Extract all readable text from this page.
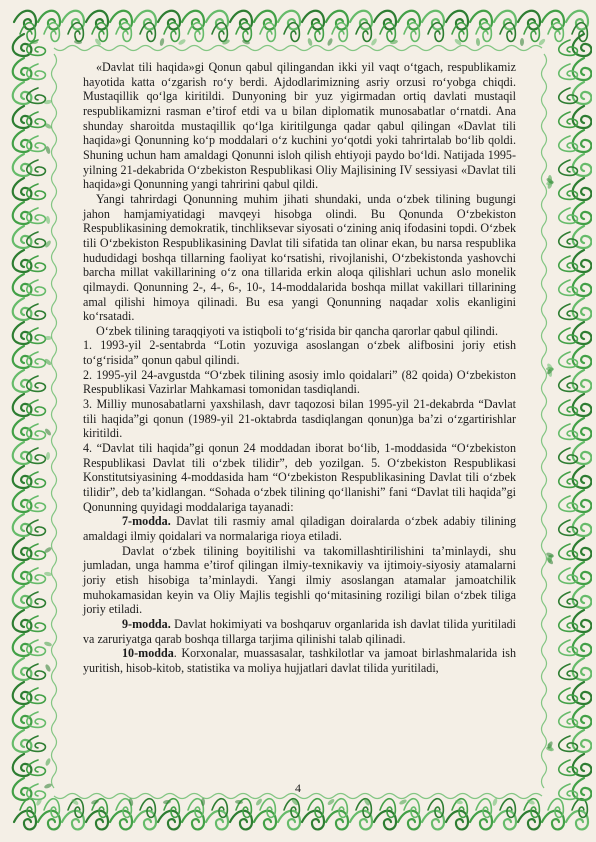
«Davlat tili haqida»gi Qonun qabul qilingandan ikki yil vaqt o‘tgach, respublikamiz hayotida katta o‘zgarish ro‘y berdi. Ajdodlarimizning asriy orzusi ro‘yobga chiqdi. Mustaqillik qo‘lga kiritildi. Dunyoning bir yuz yigirmadan ortiq davlati mustaqil respublikamizni rasman e’tirof etdi va u bilan diplomatik munosabatlar o‘rnatdi. Ana shunday sharoitda mustaqillik qo‘lga kiritilgunga qadar qabul qilingan «Davlat tili haqida»gi Qonunning ko‘p moddalari o‘z kuchini yo‘qotdi yoki tahrirtalab bo‘lib qoldi. Shuning uchun ham amaldagi Qonunni isloh qilish ehtiyoji paydo bo‘ldi. Natijada 1995-yilning 21-dekabrida O‘zbekiston Respublikasi Oliy Majlisining IV sessiyasi «Davlat tili haqida»gi Qonunning yangi tahririni qabul qildi.

Yangi tahrirdagi Qonunning muhim jihati shundaki, unda o‘zbek tilining bugungi jahon hamjamiyatidagi mavqeyi hisobga olindi. Bu Qonunda O‘zbekiston Respublikasining demokratik, tinchliksevar siyosati o‘zining aniq ifodasini topdi. O‘zbek tili O‘zbekiston Respublikasining Davlat tili sifatida tan olinar ekan, bu narsa respublika hududidagi boshqa tillarning faoliyat ko‘rsatishi, rivojlanishi, O‘zbekistonda yashovchi barcha millat vakillarining o‘z ona tillarida erkin aloqa qilishlari uchun aslo monelik qilmaydi. Qonunning 2-, 4-, 6-, 10-, 14-moddalarida boshqa millat vakillari tillarining amal qilishi himoya qilinadi. Bu esa yangi Qonunning naqadar xolis ekanligini ko‘rsatadi.

O‘zbek tilining taraqqiyoti va istiqboli to‘g‘risida bir qancha qarorlar qabul qilindi.

1. 1993-yil 2-sentabrda “Lotin yozuviga asoslangan o‘zbek alifbosini joriy etish to‘g‘risida” qonun qabul qilindi.

2. 1995-yil 24-avgustda “O‘zbek tilining asosiy imlo qoidalari” (82 qoida) O‘zbekiston Respublikasi Vazirlar Mahkamasi tomonidan tasdiqlandi.

3. Milliy munosabatlarni yaxshilash, davr taqozosi bilan 1995-yil 21-dekabrda “Davlat tili haqida”gi qonun (1989-yil 21-oktabrda tasdiqlangan qonun)ga ba’zi o‘zgartirishlar kiritildi.

4. “Davlat tili haqida”gi qonun 24 moddadan iborat bo‘lib, 1-moddasida “O‘zbekiston Respublikasi Davlat tili o‘zbek tilidir”, deb yozilgan. 5. O‘zbekiston Respublikasi Konstitutsiyasining 4-moddasida ham “O‘zbekiston Respublikasining Davlat tili o‘zbek tilidir”, deb ta’kidlangan. “Sohada o‘zbek tilining qo‘llanishi” fani “Davlat tili haqida”gi Qonunning quyidagi moddalariga tayanadi:

7-modda. Davlat tili rasmiy amal qiladigan doiralarda o‘zbek adabiy tilining amaldagi ilmiy qoidalari va normalariga rioya etiladi.

Davlat o‘zbek tilining boyitilishi va takomillashtirilishini ta’minlaydi, shu jumladan, unga hamma e’tirof qilingan ilmiy-texnikaviy va ijtimoiy-siyosiy atamalarni joriy etish hisobiga ta’minlaydi. Yangi ilmiy asoslangan atamalar jamoatchilik muhokamasidan keyin va Oliy Majlis tegishli qo‘mitasining roziligi bilan o‘zbek tiliga joriy etiladi.

9-modda. Davlat hokimiyati va boshqaruv organlarida ish davlat tilida yuritiladi va zaruriyatga qarab boshqa tillarga tarjima qilinishi talab qilinadi.

10-modda. Korxonalar, muassasalar, tashkilotlar va jamoat birlashmalarida ish yuritish, hisob-kitob, statistika va moliya hujjatlari davlat tilida yuritiladi,

4
